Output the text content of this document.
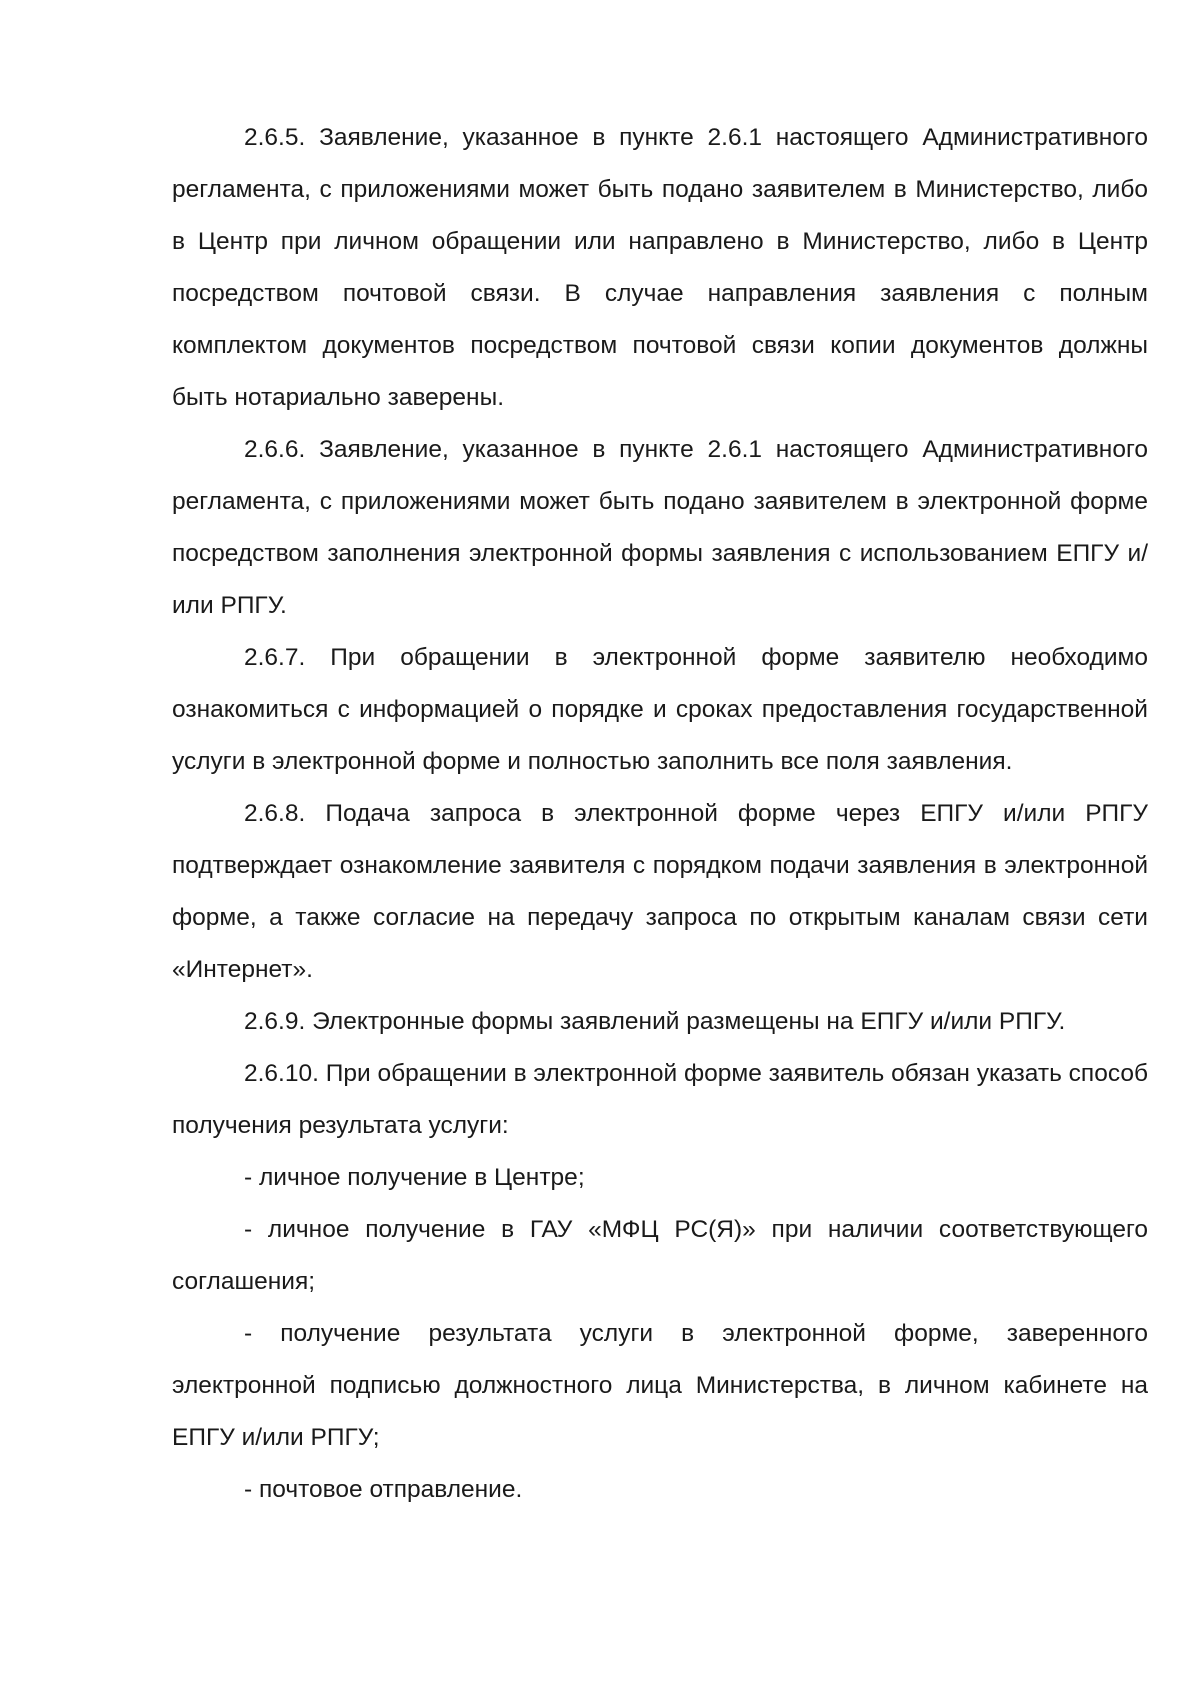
2.6.5. Заявление, указанное в пункте 2.6.1 настоящего Административного регламента, с приложениями может быть подано заявителем в Министерство, либо в Центр при личном обращении или направлено в Министерство, либо в Центр посредством почтовой связи. В случае направления заявления с полным комплектом документов посредством почтовой связи копии документов должны быть нотариально заверены.

2.6.6. Заявление, указанное в пункте 2.6.1 настоящего Административного регламента, с приложениями может быть подано заявителем в электронной форме посредством заполнения электронной формы заявления с использованием ЕПГУ и/или РПГУ.

2.6.7. При обращении в электронной форме заявителю необходимо ознакомиться с информацией о порядке и сроках предоставления государственной услуги в электронной форме и полностью заполнить все поля заявления.

2.6.8. Подача запроса в электронной форме через ЕПГУ и/или РПГУ подтверждает ознакомление заявителя с порядком подачи заявления в электронной форме, а также согласие на передачу запроса по открытым каналам связи сети «Интернет».

2.6.9. Электронные формы заявлений размещены на ЕПГУ и/или РПГУ.

2.6.10. При обращении в электронной форме заявитель обязан указать способ получения результата услуги:

- личное получение в Центре;

- личное получение в ГАУ «МФЦ РС(Я)» при наличии соответствующего соглашения;

- получение результата услуги в электронной форме, заверенного электронной подписью должностного лица Министерства, в личном кабинете на ЕПГУ и/или РПГУ;

- почтовое отправление.
